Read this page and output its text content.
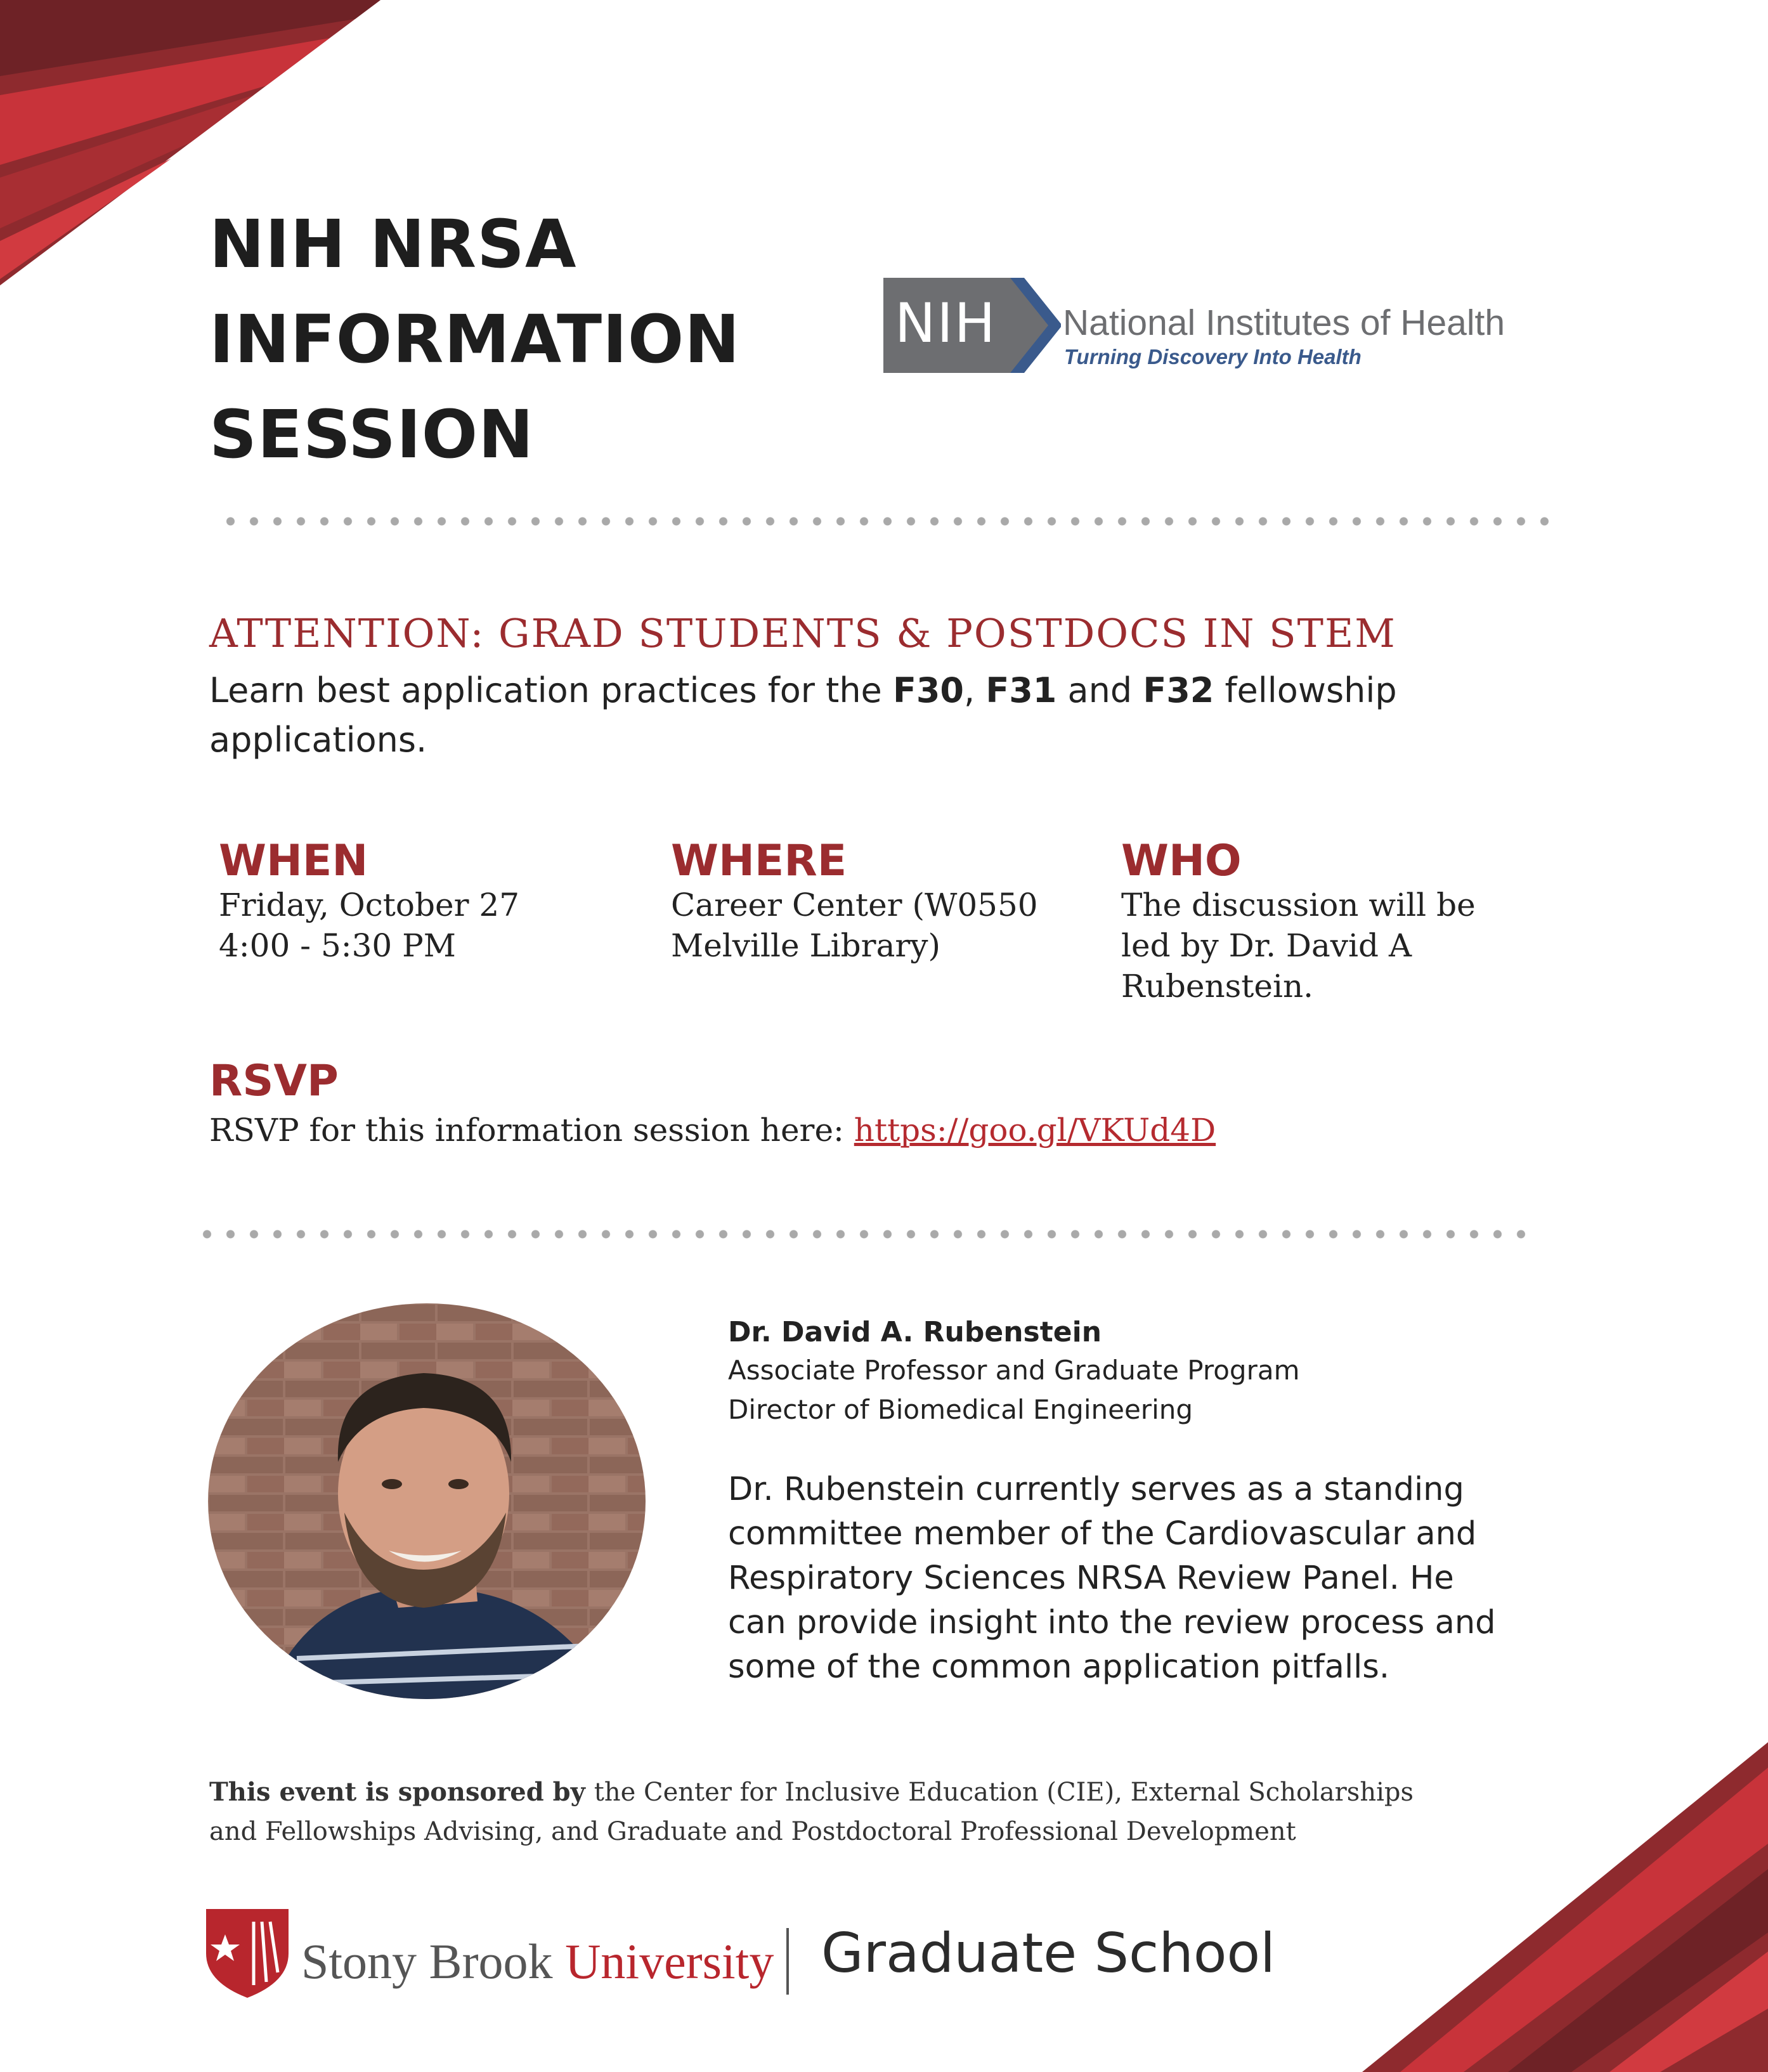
NIH NRSA
INFORMATION
SESSION
NIH National Institutes of Health
Turning Discovery Into Health
ATTENTION: GRAD STUDENTS & POSTDOCS IN STEM
Learn best application practices for the F30, F31 and F32 fellowship
applications.
WHEN
Friday, October 27
4:00 - 5:30 PM
WHERE
Career Center (W0550
Melville Library)
WHO
The discussion will be
led by Dr. David A
Rubenstein.
RSVP
RSVP for this information session here: https://goo.gl/VKUd4D
Dr. David A. Rubenstein
Associate Professor and Graduate Program
Director of Biomedical Engineering
Dr. Rubenstein currently serves as a standing
committee member of the Cardiovascular and
Respiratory Sciences NRSA Review Panel. He
can provide insight into the review process and
some of the common application pitfalls.
This event is sponsored by the Center for Inclusive Education (CIE), External Scholarships
and Fellowships Advising, and Graduate and Postdoctoral Professional Development
Stony Brook University Graduate School
